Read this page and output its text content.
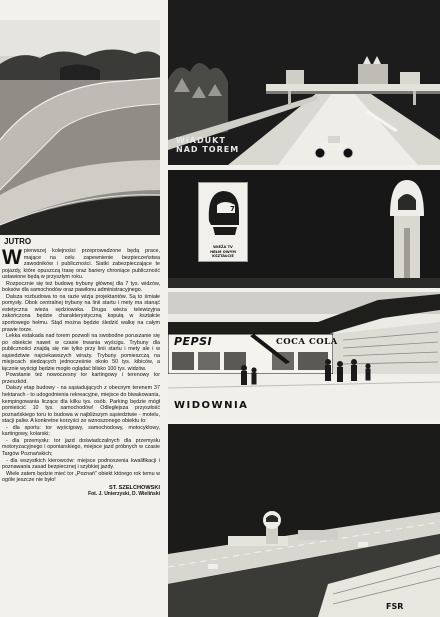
JUTRO

Wpierwszej kolejności przeprowadzone będą prace, mające na celu zapewnienie bezpieczeństwa zawodników i publiczności. Siatki zabezpieczające te pojazdy, które opuszczą trasę oraz bariery chroniące publiczność ustawione będą w przyszłym roku.

Rozpocznie się też budowę trybuny głównej dla 7 tys. widzów, boksów dla samochodów oraz pawilonu administracyjnego.

Dalsza rozbudowa to na razie wizja projektantów. Są to śmiałe pomysły. Obok centralnej trybuny na linii startu i mety ma stanąć estetyczna wieża sędziowska. Druga wieża telewizyjna zakończona będzie charakterystyczną kopułą w kształcie sportowego hełmu. Stąd można będzie śledzić walkę na całym prawie torze.

Lekka estakada nad torem pozwoli na swobodne poruszanie się po obiekcie nawet w czasie trwania wyścigu. Trybuny dla publiczności znajdą się nie tylko przy linii startu i mety ale i w sąsiedztwie najciekawszych wiraży. Trybuny pomieszczą na miejscach siedzących jednocześnie około 50 tys. kibiców, a łącznie wyścigi będzie mogło oglądać blisko 100 tys. widzów.

Powstanie też nowoczesny tor kartingowy i terenowy tor przeszkód.

Dalszy etap budowy - na sąsiadujących z obecnym terenem 37 hektarach - to udogodnienia rekreacyjne, miejsce do biwakowania, kempingowania liczące dla kilku tys. osób. Parking będzie mógł pomieścić 10 tys. samochodów! Odległejsza przyszłość poznańskiego toru to budowa w najbliższym sąsiedztwie - motelu, stacji paliw. A konkretne korzyści ze wznoszonego obiektu to:

- dla sportu: tor wyścigowy, samochodowy, motocyklowy, kartingowy, kolarski;

- dla przemysłu: tor jazd doświadczalnych dla przemysłu motoryzacyjnego i oponiarskiego, miejsce jazd próbnych w czasie Targów Poznańskich;

- dla wszystkich kierowców: miejsce podnoszenia kwalifikacji i poznawania zasad bezpiecznej i szybkiej jazdy.

Wiele zatem będzie mieć tor „Poznań” obiekt którego rok temu w ogóle jeszcze nie było!

ST. SZELCHOWSKI
Fot. J. Unierzyski, D. Wieliński
WIADUKT
NAD TOREM
7
WIEŻA TV
HEŁM OWYM
KSZTAŁCIE
PEPSI	COCA COLA
WIDOWNIA
FSR
